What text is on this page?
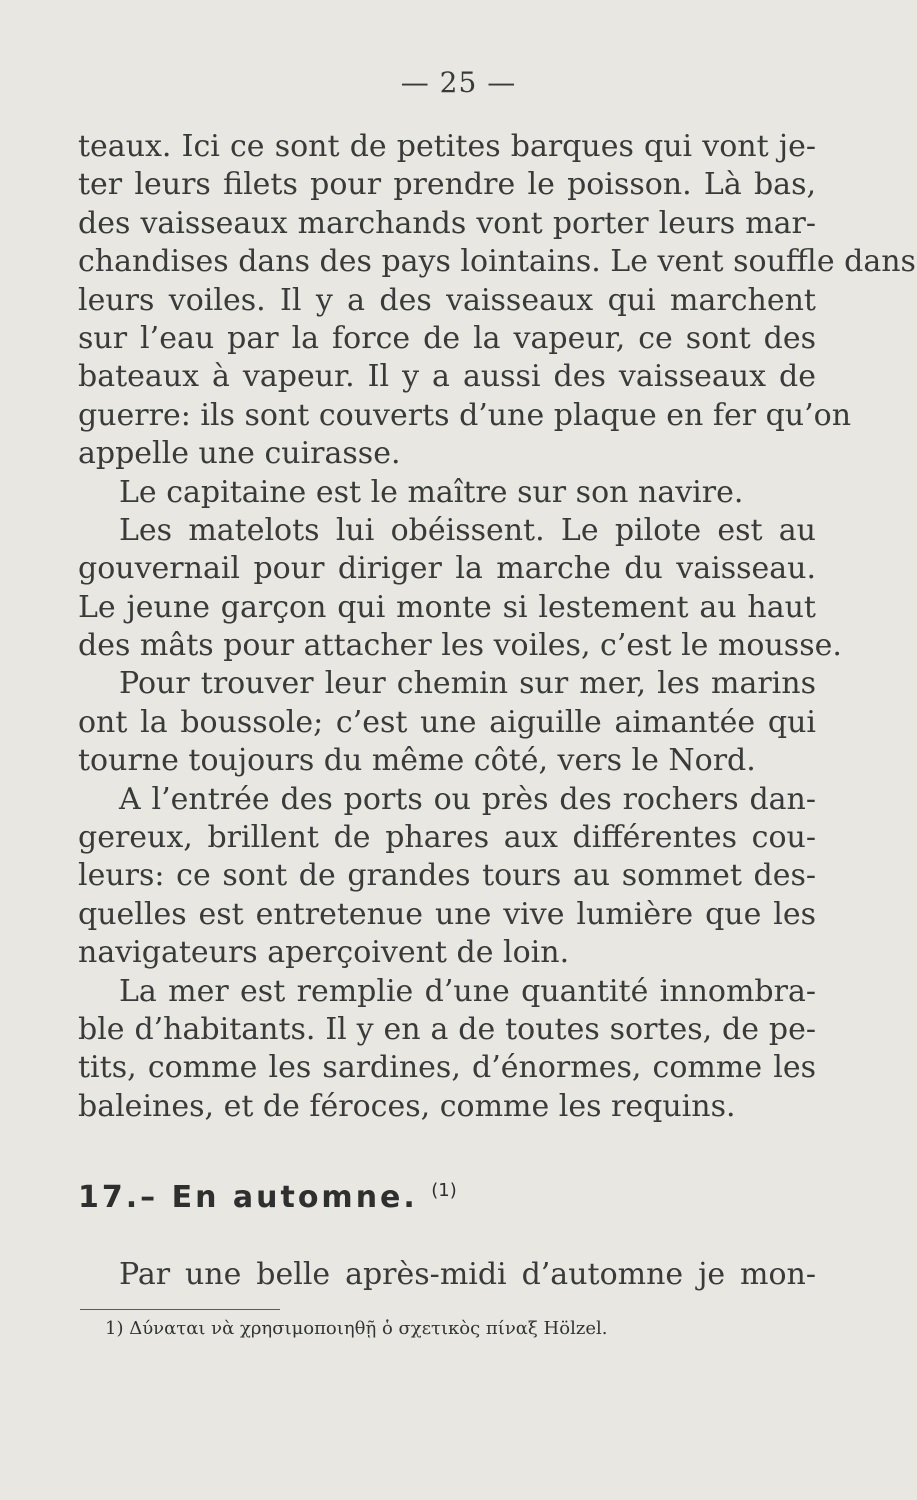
— 25 —
teaux. Ici ce sont de petites barques qui vont je-
ter leurs filets pour prendre le poisson. Là bas,
des vaisseaux marchands vont porter leurs mar-
chandises dans des pays lointains. Le vent souffle dans
leurs voiles. Il y a des vaisseaux qui marchent
sur l’eau par la force de la vapeur, ce sont des
bateaux à vapeur. Il y a aussi des vaisseaux de
guerre: ils sont couverts d’une plaque en fer qu’on
appelle une cuirasse.
Le capitaine est le maître sur son navire.
Les matelots lui obéissent. Le pilote est au
gouvernail pour diriger la marche du vaisseau.
Le jeune garçon qui monte si lestement au haut
des mâts pour attacher les voiles, c’est le mousse.
Pour trouver leur chemin sur mer, les marins
ont la boussole; c’est une aiguille aimantée qui
tourne toujours du même côté, vers le Nord.
A l’entrée des ports ou près des rochers dan-
gereux, brillent de phares aux différentes cou-
leurs: ce sont de grandes tours au sommet des-
quelles est entretenue une vive lumière que les
navigateurs aperçoivent de loin.
La mer est remplie d’une quantité innombra-
ble d’habitants. Il y en a de toutes sortes, de pe-
tits, comme les sardines, d’énormes, comme les
baleines, et de féroces, comme les requins.
17.– En automne. $^{(1)}$
Par une belle après-midi d’automne je mon-
1) Δύναται νὰ χρησιμοποιηθῇ ὁ σχετικὸς πίναξ Hölzel.
